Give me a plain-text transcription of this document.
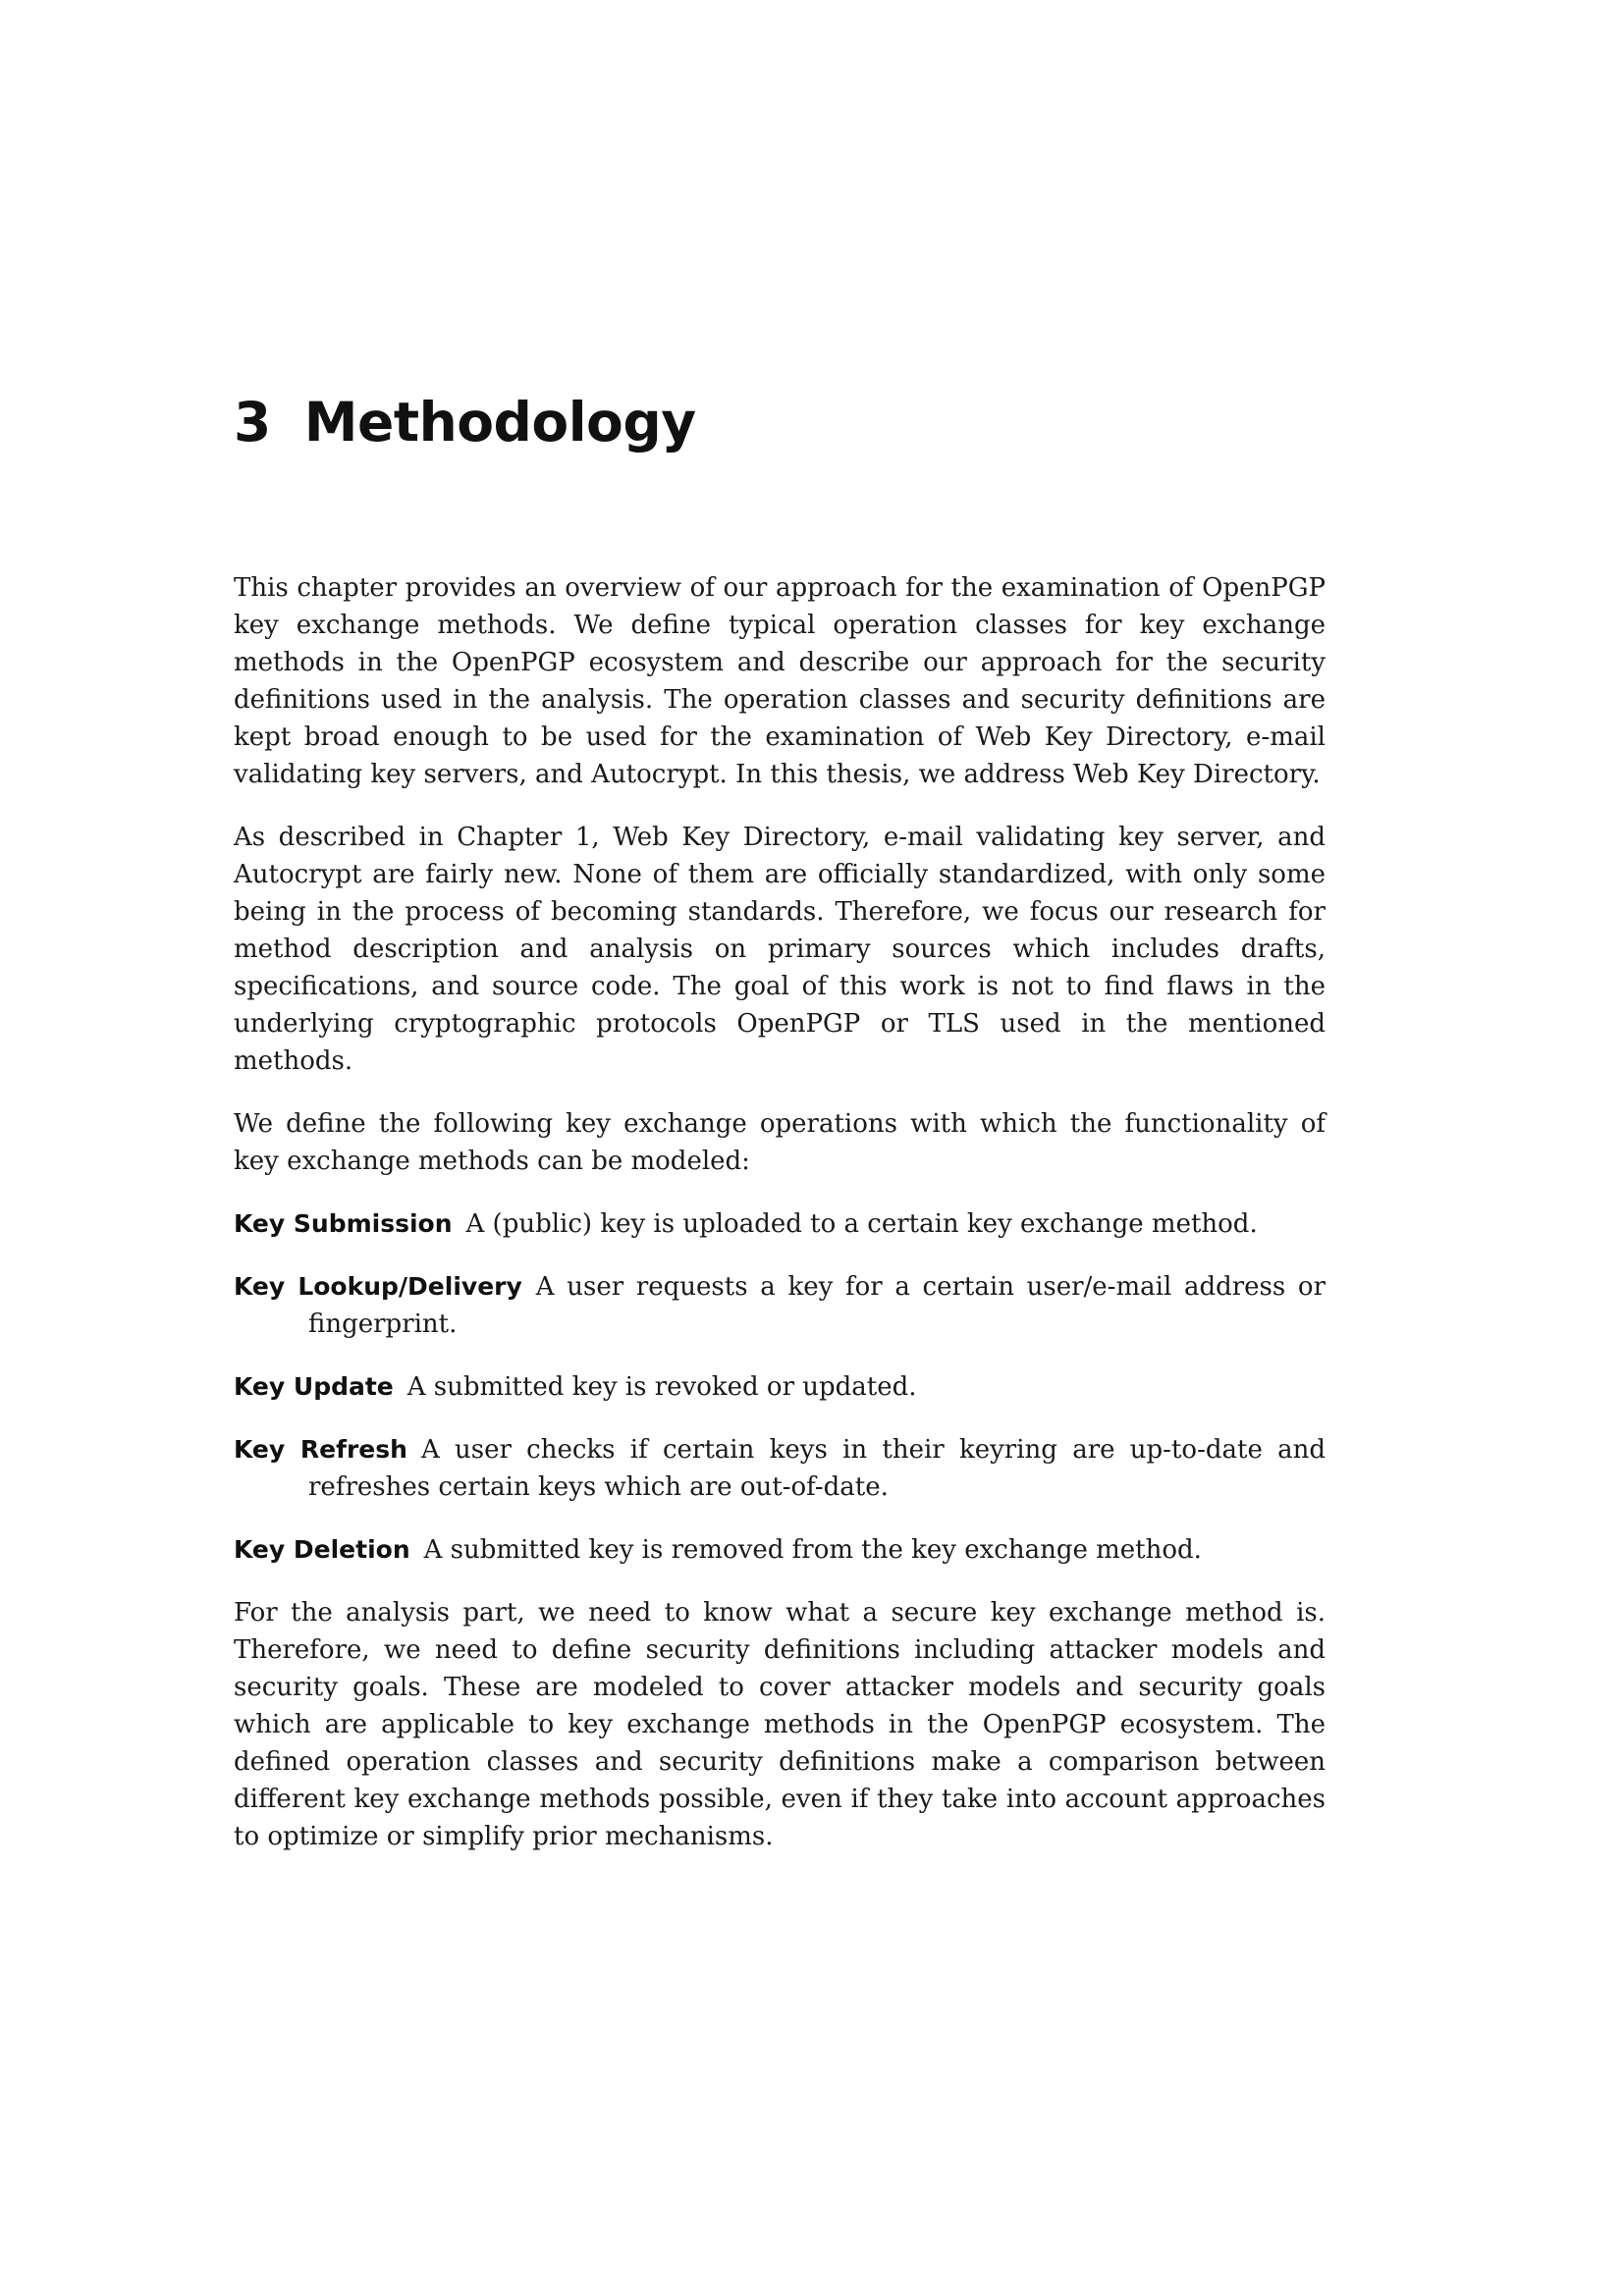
3 Methodology

This chapter provides an overview of our approach for the examination of OpenPGP key exchange methods. We define typical operation classes for key exchange methods in the OpenPGP ecosystem and describe our approach for the security definitions used in the analysis. The operation classes and security definitions are kept broad enough to be used for the examination of Web Key Directory, e-mail validating key servers, and Autocrypt. In this thesis, we address Web Key Directory.

As described in Chapter 1, Web Key Directory, e-mail validating key server, and Autocrypt are fairly new. None of them are officially standardized, with only some being in the process of becoming standards. Therefore, we focus our research for method description and analysis on primary sources which includes drafts, specifications, and source code. The goal of this work is not to find flaws in the underlying cryptographic protocols OpenPGP or TLS used in the mentioned methods.

We define the following key exchange operations with which the functionality of key exchange methods can be modeled:

Key Submission A (public) key is uploaded to a certain key exchange method.
Key Lookup/Delivery A user requests a key for a certain user/e-mail address or fingerprint.
Key Update A submitted key is revoked or updated.
Key Refresh A user checks if certain keys in their keyring are up-to-date and refreshes certain keys which are out-of-date.
Key Deletion A submitted key is removed from the key exchange method.

For the analysis part, we need to know what a secure key exchange method is. Therefore, we need to define security definitions including attacker models and security goals. These are modeled to cover attacker models and security goals which are applicable to key exchange methods in the OpenPGP ecosystem. The defined operation classes and security definitions make a comparison between different key exchange methods possible, even if they take into account approaches to optimize or simplify prior mechanisms.
